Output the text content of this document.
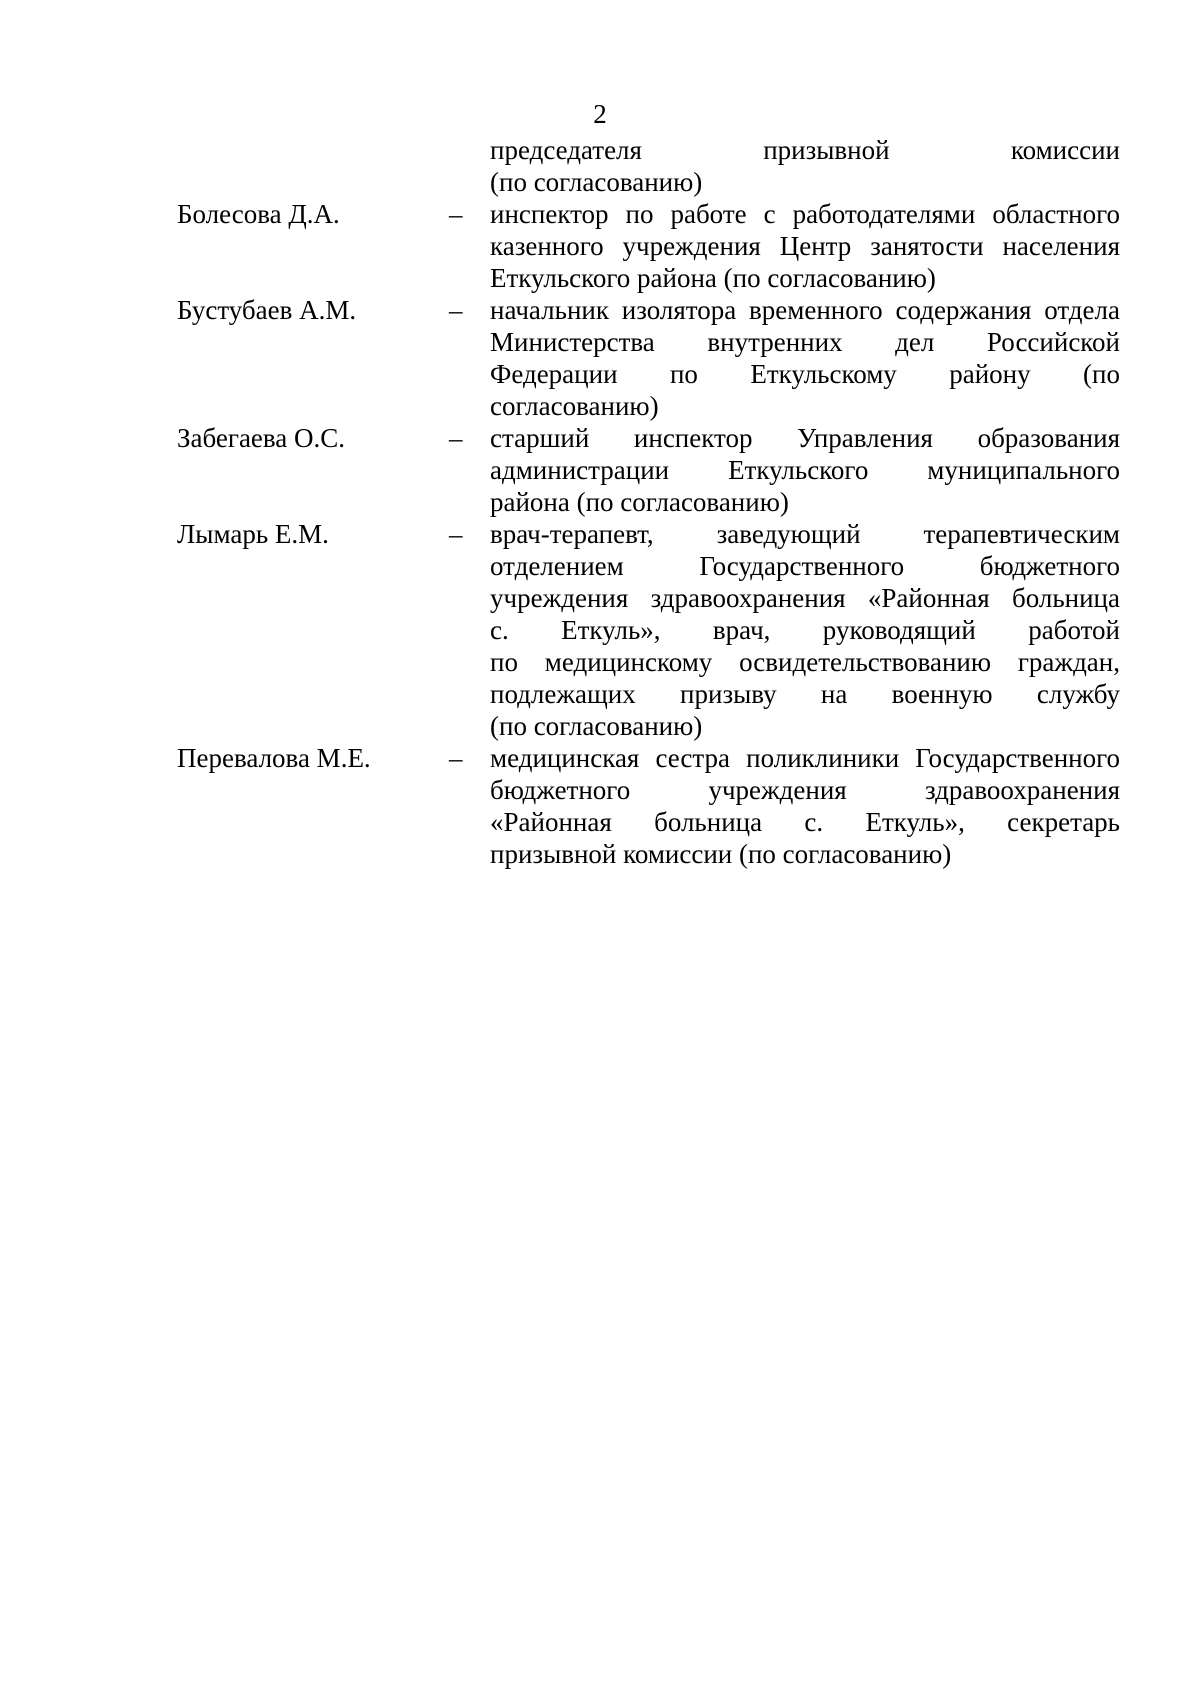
2
председателя призывной комиссии
(по согласованию)
Болесова Д.А.	– инспектор по работе с работодателями областного
казенного учреждения Центр занятости населения
Еткульского района (по согласованию)
Бустубаев А.М.	– начальник изолятора временного содержания отдела
Министерства внутренних дел Российской
Федерации по Еткульскому району (по
согласованию)
Забегаева О.С.	– старший инспектор Управления образования
администрации Еткульского муниципального
района (по согласованию)
Лымарь Е.М.	– врач-терапевт, заведующий терапевтическим
отделением Государственного бюджетного
учреждения здравоохранения «Районная больница
с. Еткуль», врач, руководящий работой
по медицинскому освидетельствованию граждан,
подлежащих призыву на военную службу
(по согласованию)
Перевалова М.Е.	– медицинская сестра поликлиники Государственного
бюджетного учреждения здравоохранения
«Районная больница с. Еткуль», секретарь
призывной комиссии (по согласованию)
